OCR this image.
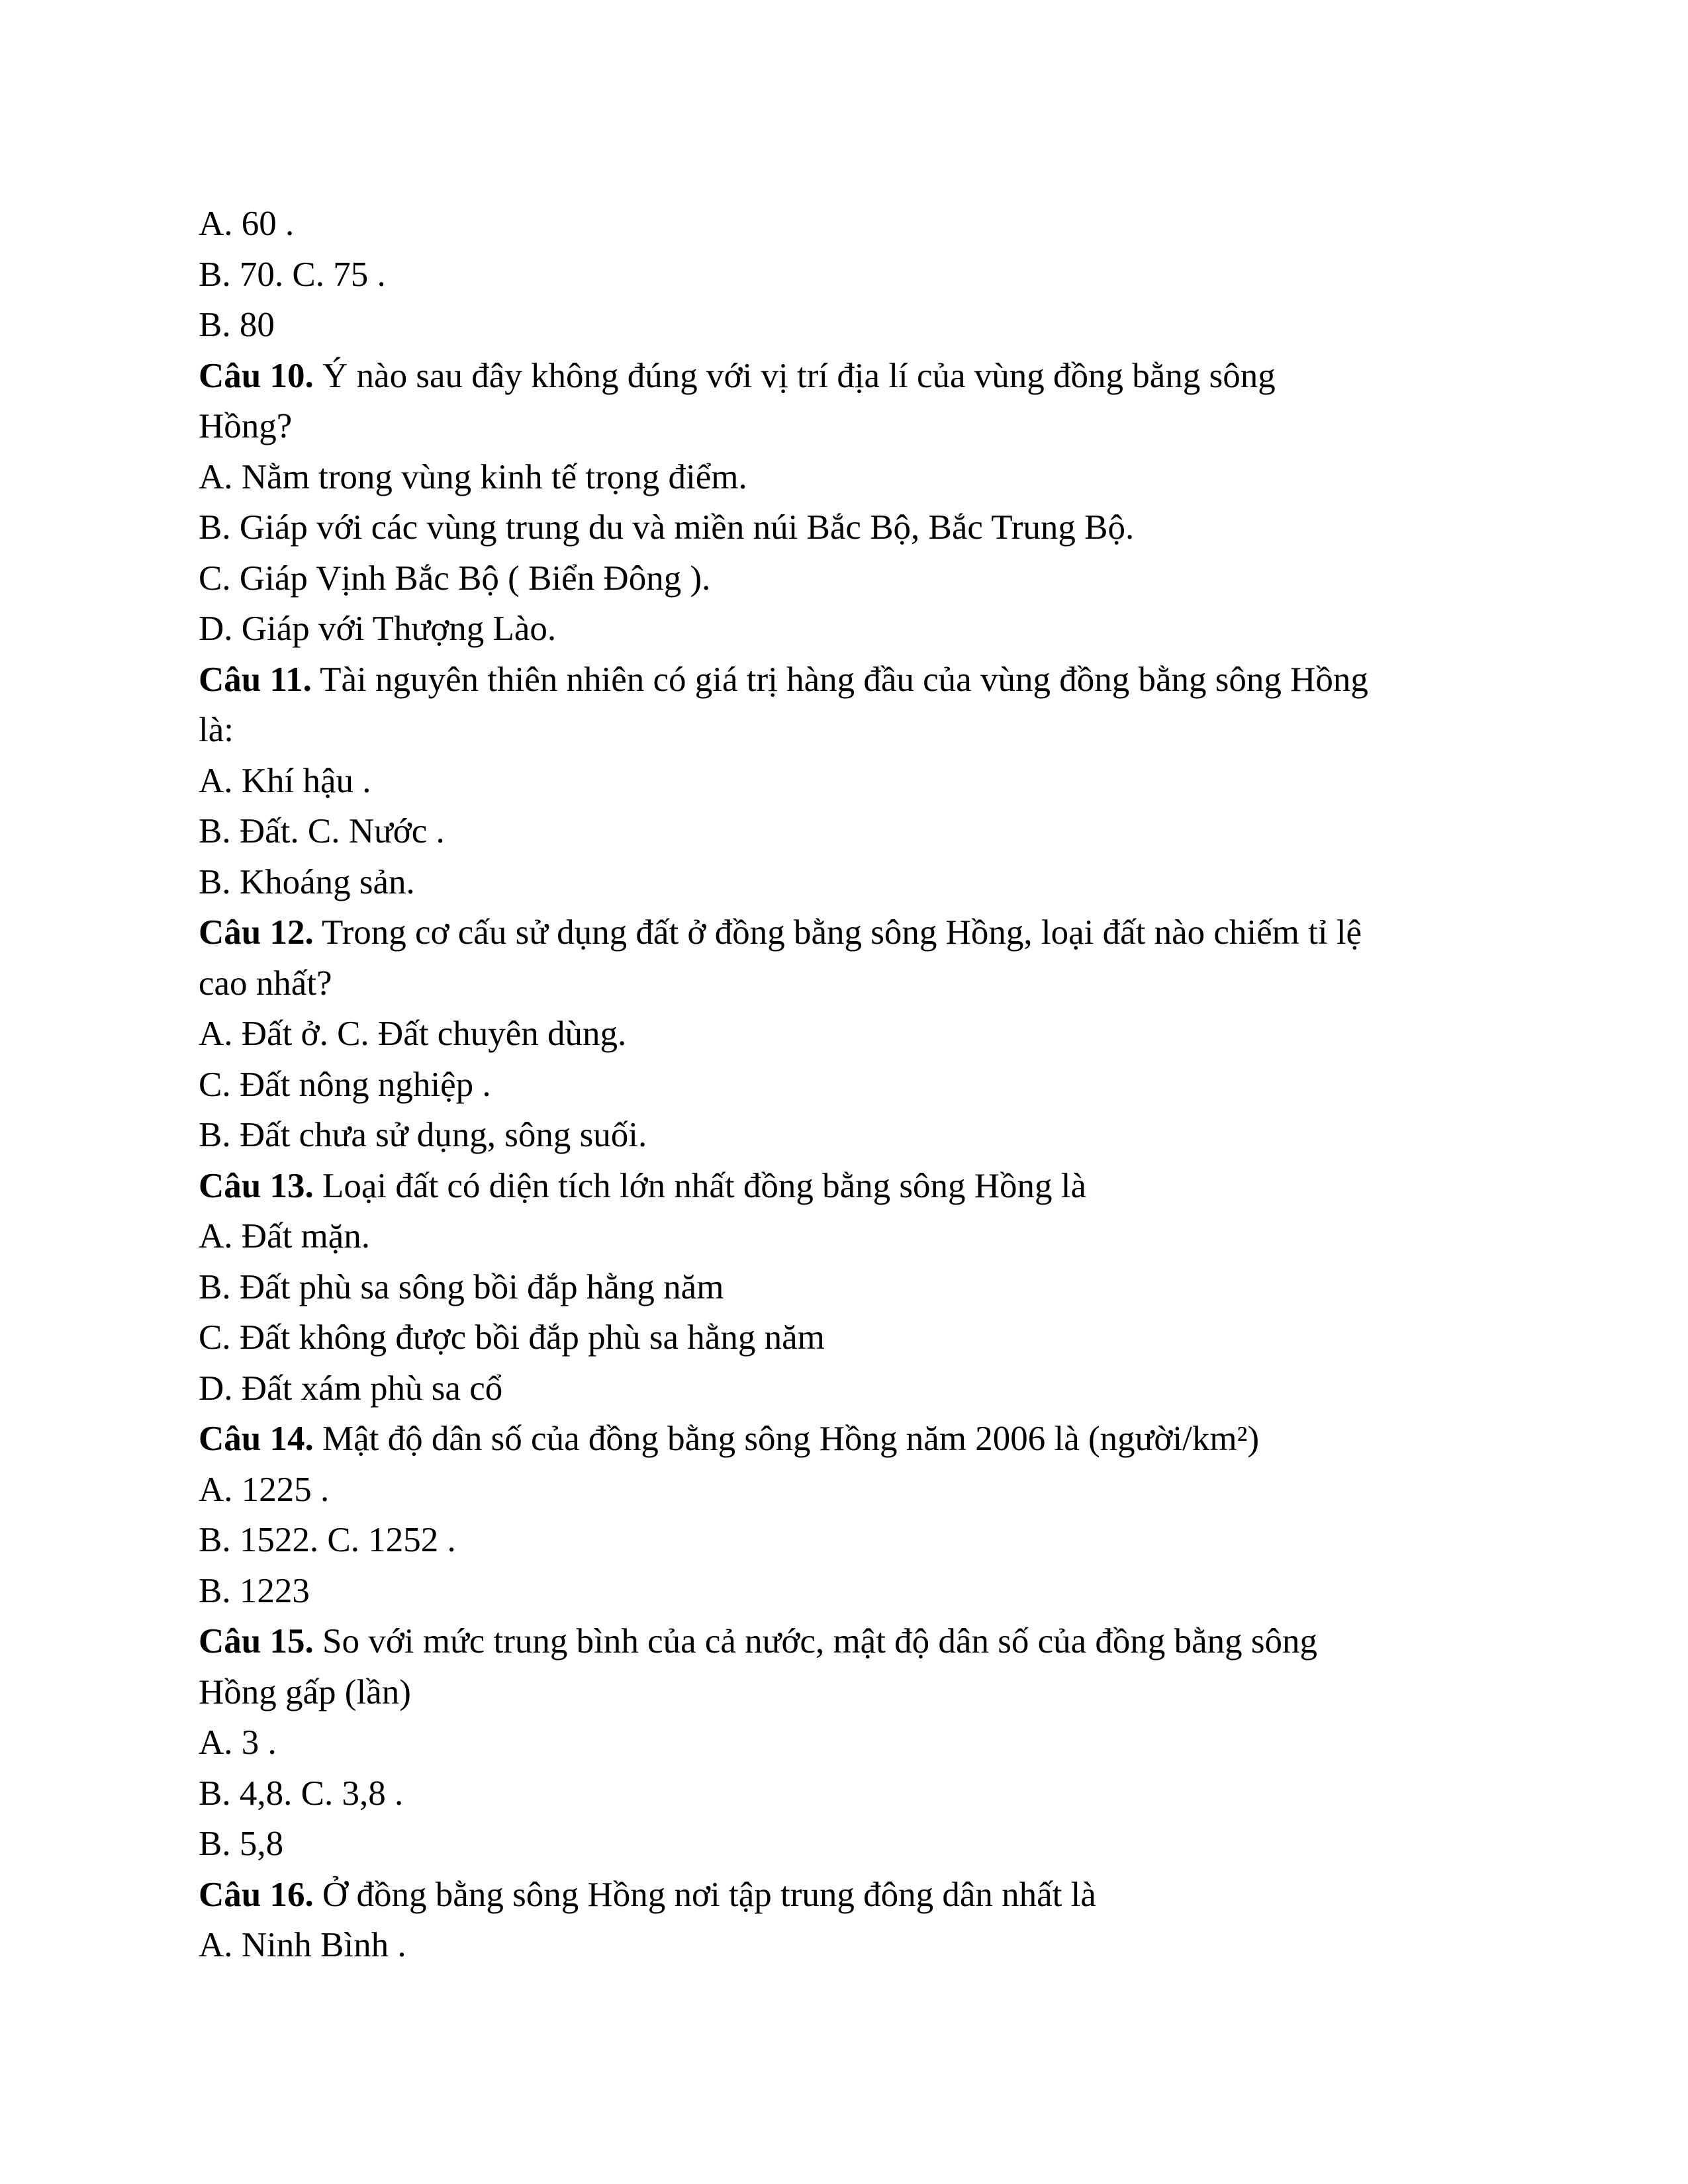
A. 60 .
B. 70. C. 75 .
B. 80
Câu 10. Ý nào sau đây không đúng với vị trí địa lí của vùng đồng bằng sông
Hồng?
A. Nằm trong vùng kinh tế trọng điểm.
B. Giáp với các vùng trung du và miền núi Bắc Bộ, Bắc Trung Bộ.
C. Giáp Vịnh Bắc Bộ ( Biển Đông ).
D. Giáp với Thượng Lào.
Câu 11. Tài nguyên thiên nhiên có giá trị hàng đầu của vùng đồng bằng sông Hồng
là:
A. Khí hậu .
B. Đất. C. Nước .
B. Khoáng sản.
Câu 12. Trong cơ cấu sử dụng đất ở đồng bằng sông Hồng, loại đất nào chiếm tỉ lệ
cao nhất?
A. Đất ở. C. Đất chuyên dùng.
C. Đất nông nghiệp .
B. Đất chưa sử dụng, sông suối.
Câu 13. Loại đất có diện tích lớn nhất đồng bằng sông Hồng là
A. Đất mặn.
B. Đất phù sa sông bồi đắp hằng năm
C. Đất không được bồi đắp phù sa hằng năm
D. Đất xám phù sa cổ
Câu 14. Mật độ dân số của đồng bằng sông Hồng năm 2006 là (người/km²)
A. 1225 .
B. 1522. C. 1252 .
B. 1223
Câu 15. So với mức trung bình của cả nước, mật độ dân số của đồng bằng sông
Hồng gấp (lần)
A. 3 .
B. 4,8. C. 3,8 .
B. 5,8
Câu 16. Ở đồng bằng sông Hồng nơi tập trung đông dân nhất là
A. Ninh Bình .
